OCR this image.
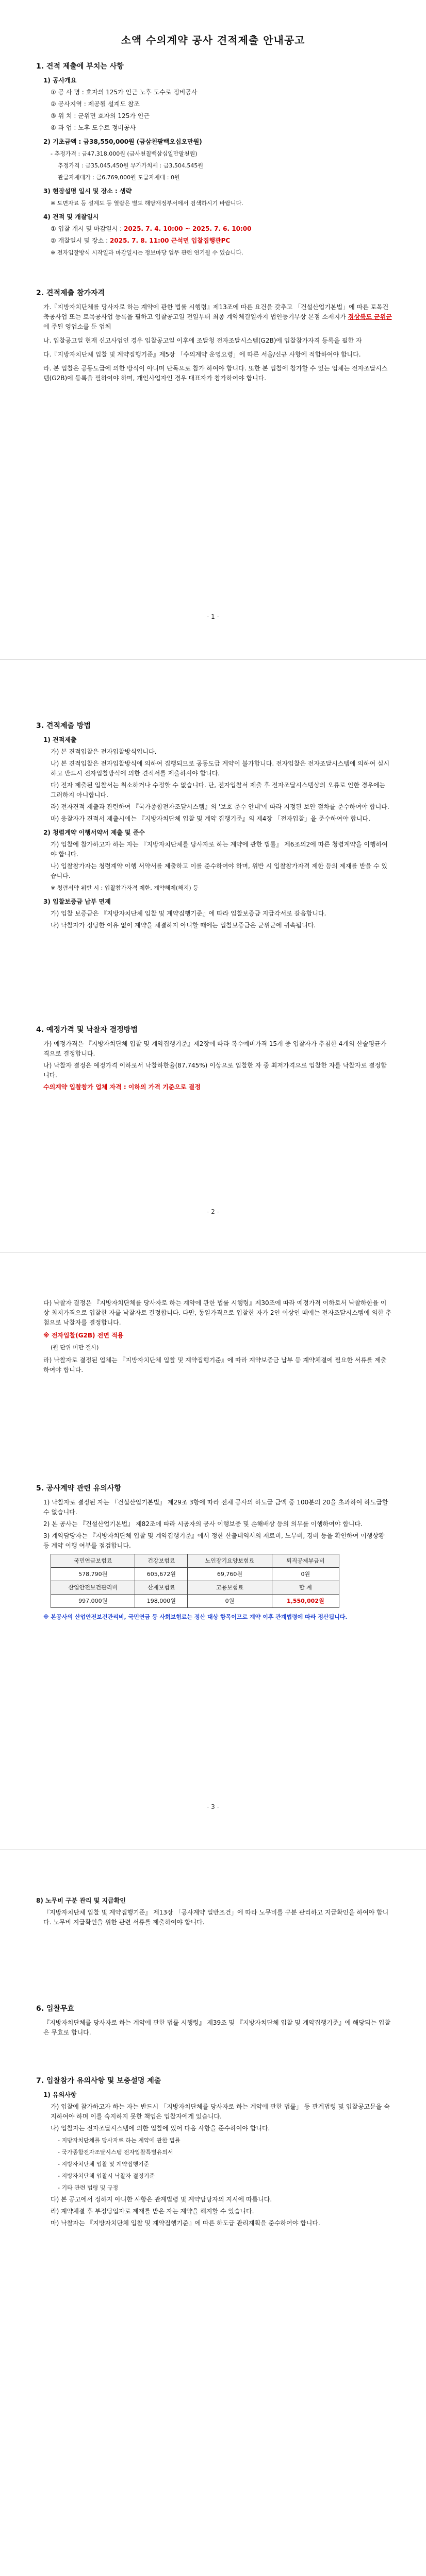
소액 수의계약 공사 견적제출 안내공고
1. 견적 제출에 부치는 사항
1) 공사개요
① 공 사 명 : 효자의 125가 인근 노후 도수로 정비공사
② 공사지역 : 제공될 설계도 참조
③ 위 치 : 군위면 효자의 125가 인근
④ 과 업 : 노후 도수로 정비공사
2) 기초금액 : 금38,550,000원 (금삼천팔백오십오만원)
- 추정가격 : 금47,318,000원 (금사천칠백삼십일만팔천원)
추정가격 : 금35,045,450원 부가가치세 : 금3,504,545원
관급자재대가 : 금6,769,000원 도급자재대 : 0원
3) 현장설명 일시 및 장소 : 생략
※ 도면자료 등 설계도 등 열람은 별도 해당재정부서에서 검색하시기 바랍니다.
4) 견적 및 개찰일시
① 입찰 개시 및 마감일시 : 2025. 7. 4. 10:00 ~ 2025. 7. 6. 10:00
② 개찰일시 및 장소 : 2025. 7. 8. 11:00 근석면 입찰집행관PC
※ 전자입찰방식 시작일과 마감일시는 정보마당 업무 관련 연기될 수 있습니다.
2. 견적제출 참가자격
가.『지방자치단체를 당사자로 하는 계약에 관한 법률 시행령』제13조에 따른 요건을 갖추고 「건설산업기본법」에 따른 토목건축공사업 또는 토목공사업 등록을 필하고 입찰공고일 전일부터 최종 계약체결일까지 법인등기부상 본점 소재지가 경상북도 군위군에 주된 영업소를 둔 업체
나. 입찰공고일 현재 신고사업인 경우 입찰공고일 이후에 조달청 전자조달시스템(G2B)에 입찰참가자격 등록을 필한 자
다.『지방자치단체 입찰 및 계약집행기준』제5장 「수의계약 운영요령」에 따른 서울/신규 사항에 적합하여야 합니다.
라. 본 입찰은 공동도급에 의한 방식이 아니며 단독으로 참가 하여야 합니다. 또한 본 입찰에 참가할 수 있는 업체는 전자조달시스템(G2B)에 등록을 필하여야 하며, 개인사업자인 경우 대표자가 참가하여야 합니다.
- 1 -
3. 견적제출 방법
1) 견적제출
가) 본 견적입찰은 전자입찰방식입니다.
나) 본 견적입찰은 전자입찰방식에 의하여 집행되므로 공동도급 계약이 불가합니다. 전자입찰은 전자조달시스템에 의하여 실시하고 반드시 전자입찰방식에 의한 견적서를 제출하셔야 합니다.
다) 전자 제출된 입찰서는 취소하거나 수정할 수 없습니다. 단, 전자입찰서 제출 후 전자조달시스템상의 오류로 인한 경우에는 그러하지 아니합니다.
라) 전자견적 제출과 관련하여 『국가종합전자조달시스템』의 '보호 준수 안내'에 따라 지정된 보안 절차를 준수하여야 합니다.
마) 응찰자가 견적서 제출시에는 『지방자치단체 입찰 및 계약 집행기준』의 제4장 「전자입찰」을 준수하여야 합니다.
2) 청렴계약 이행서약서 제출 및 준수
가) 입찰에 참가하고자 하는 자는 『지방자치단체를 당사자로 하는 계약에 관한 법률』 제6조의2에 따른 청렴계약을 이행하여야 합니다.
나) 입찰참가자는 청렴계약 이행 서약서를 제출하고 이를 준수하여야 하며, 위반 시 입찰참가자격 제한 등의 제재를 받을 수 있습니다.
※ 청렴서약 위반 시 : 입찰참가자격 제한, 계약해제(해지) 등
3) 입찰보증금 납부 면제
가) 입찰 보증금은 『지방자치단체 입찰 및 계약집행기준』에 따라 입찰보증금 지급각서로 갈음합니다.
나) 낙찰자가 정당한 이유 없이 계약을 체결하지 아니할 때에는 입찰보증금은 군위군에 귀속됩니다.
4. 예정가격 및 낙찰자 결정방법
가) 예정가격은 『지방자치단체 입찰 및 계약집행기준』제2장에 따라 복수예비가격 15개 중 입찰자가 추첨한 4개의 산술평균가격으로 결정합니다.
나) 낙찰자 결정은 예정가격 이하로서 낙찰하한율(87.745%) 이상으로 입찰한 자 중 최저가격으로 입찰한 자를 낙찰자로 결정합니다.
수의계약 입찰참가 업체 자격 : 이하의 가격 기준으로 결정
- 2 -
다) 낙찰자 결정은 『지방자치단체를 당사자로 하는 계약에 관한 법률 시행령』제30조에 따라 예정가격 이하로서 낙찰하한율 이상 최저가격으로 입찰한 자를 낙찰자로 결정합니다. 다만, 동일가격으로 입찰한 자가 2인 이상인 때에는 전자조달시스템에 의한 추첨으로 낙찰자를 결정합니다.
※ 전자입찰(G2B) 전면 적용
(원 단위 미만 절사)
라) 낙찰자로 결정된 업체는 『지방자치단체 입찰 및 계약집행기준』에 따라 계약보증금 납부 등 계약체결에 필요한 서류를 제출하여야 합니다.
5. 공사계약 관련 유의사항
1) 낙찰자로 결정된 자는 『건설산업기본법』 제29조 3항에 따라 전체 공사의 하도급 금액 중 100분의 20을 초과하여 하도급할 수 없습니다.
2) 본 공사는 『건설산업기본법』 제82조에 따라 시공자의 공사 이행보증 및 손해배상 등의 의무를 이행하여야 합니다.
3) 계약담당자는 『지방자치단체 입찰 및 계약집행기준』에서 정한 산출내역서의 재료비, 노무비, 경비 등을 확인하여 이행상황 등 계약 이행 여부를 점검합니다.
국민연금보험료	건강보험료	노인장기요양보험료	퇴직공제부금비
578,790원	605,672원	69,760원	0원
산업안전보건관리비	산재보험료	고용보험료	합 계
997,000원	198,000원	0원	1,550,002원
※ 본공사의 산업안전보건관리비, 국민연금 등 사회보험료는 정산 대상 항목이므로 계약 이후 관계법령에 따라 정산됩니다.
- 3 -
8) 노무비 구분 관리 및 지급확인
『지방자치단체 입찰 및 계약집행기준』 제13장 「공사계약 일반조건」에 따라 노무비를 구분 관리하고 지급확인을 하여야 합니다. 노무비 지급확인을 위한 관련 서류를 제출하여야 합니다.
6. 입찰무효
『지방자치단체를 당사자로 하는 계약에 관한 법률 시행령』 제39조 및 『지방자치단체 입찰 및 계약집행기준』에 해당되는 입찰은 무효로 합니다.
7. 입찰참가 유의사항 및 보충설명 제출
1) 유의사항
가) 입찰에 참가하고자 하는 자는 반드시 「지방자치단체를 당사자로 하는 계약에 관한 법률」 등 관계법령 및 입찰공고문을 숙지하여야 하며 이를 숙지하지 못한 책임은 입찰자에게 있습니다.
나) 입찰자는 전자조달시스템에 의한 입찰에 있어 다음 사항을 준수하여야 합니다.
- 지방자치단체를 당사자로 하는 계약에 관한 법률
- 국가종합전자조달시스템 전자입찰특별유의서
- 지방자치단체 입찰 및 계약집행기준
- 지방자치단체 입찰시 낙찰자 결정기준
- 기타 관련 법령 및 규정
다) 본 공고에서 정하지 아니한 사항은 관계법령 및 계약담당자의 지시에 따릅니다.
라) 계약체결 후 부정당업자로 제재를 받은 자는 계약을 해지할 수 있습니다.
마) 낙찰자는 『지방자치단체 입찰 및 계약집행기준』에 따른 하도급 관리계획을 준수하여야 합니다.
